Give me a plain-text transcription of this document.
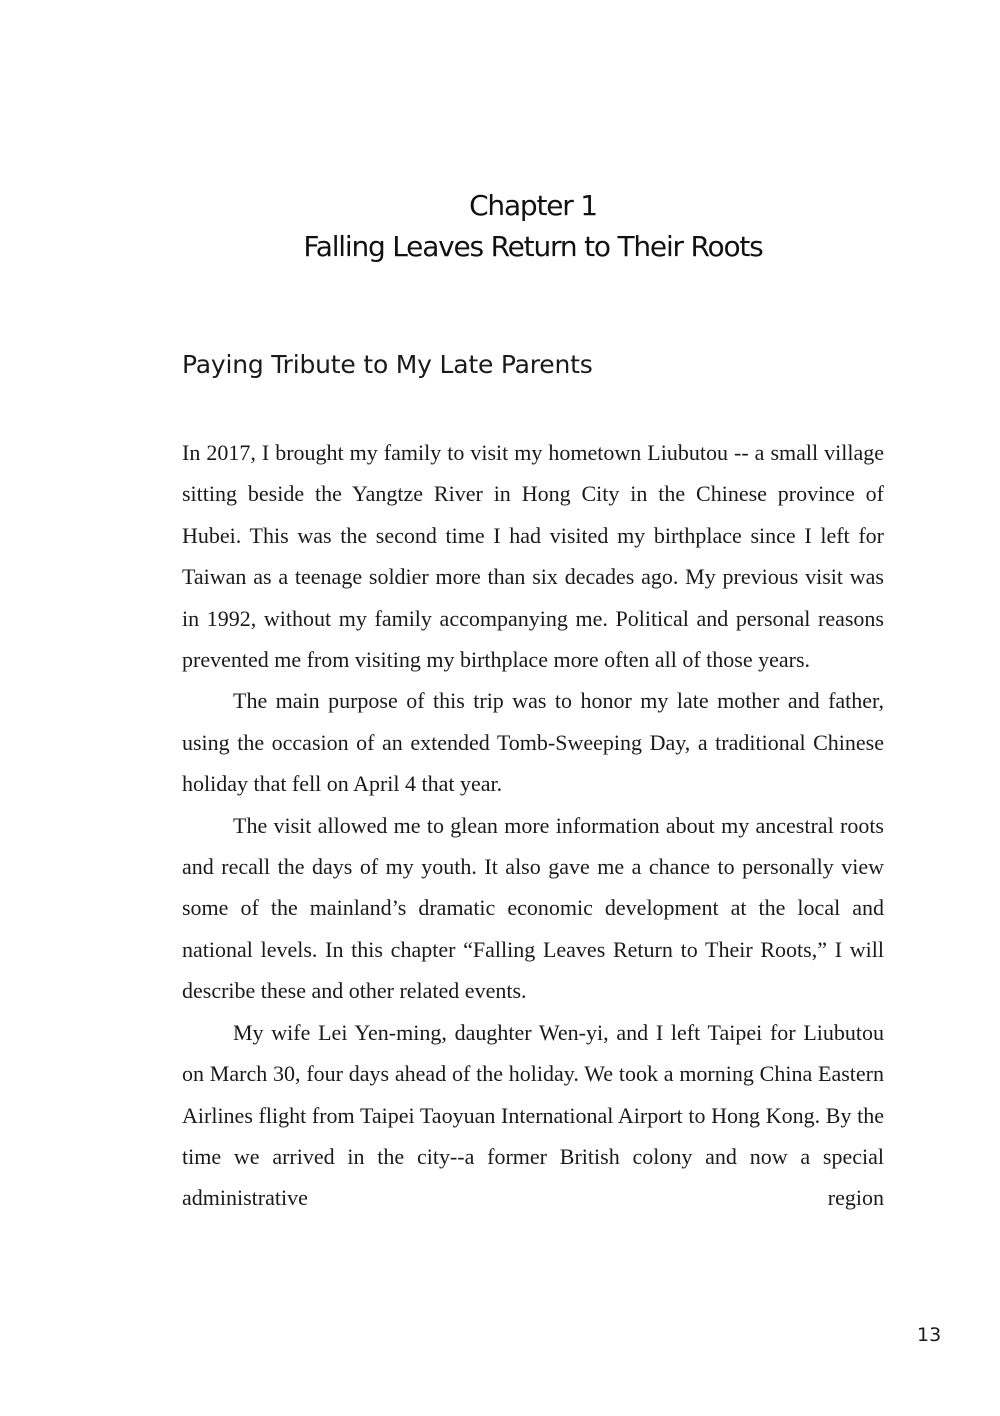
Chapter 1
Falling Leaves Return to Their Roots
Paying Tribute to My Late Parents

In 2017, I brought my family to visit my hometown Liubutou -- a small village sitting beside the Yangtze River in Hong City in the Chinese province of Hubei. This was the second time I had visited my birthplace since I left for Taiwan as a teenage soldier more than six decades ago. My previous visit was in 1992, without my family accompanying me. Political and personal reasons prevented me from visiting my birthplace more often all of those years.

The main purpose of this trip was to honor my late mother and father, using the occasion of an extended Tomb-Sweeping Day, a traditional Chinese holiday that fell on April 4 that year.

The visit allowed me to glean more information about my ancestral roots and recall the days of my youth. It also gave me a chance to personally view some of the mainland’s dramatic economic development at the local and national levels. In this chapter “Falling Leaves Return to Their Roots,” I will describe these and other related events.

My wife Lei Yen-ming, daughter Wen-yi, and I left Taipei for Liubutou on March 30, four days ahead of the holiday. We took a morning China Eastern Airlines flight from Taipei Taoyuan International Airport to Hong Kong. By the time we arrived in the city--a former British colony and now a special administrative region

13
